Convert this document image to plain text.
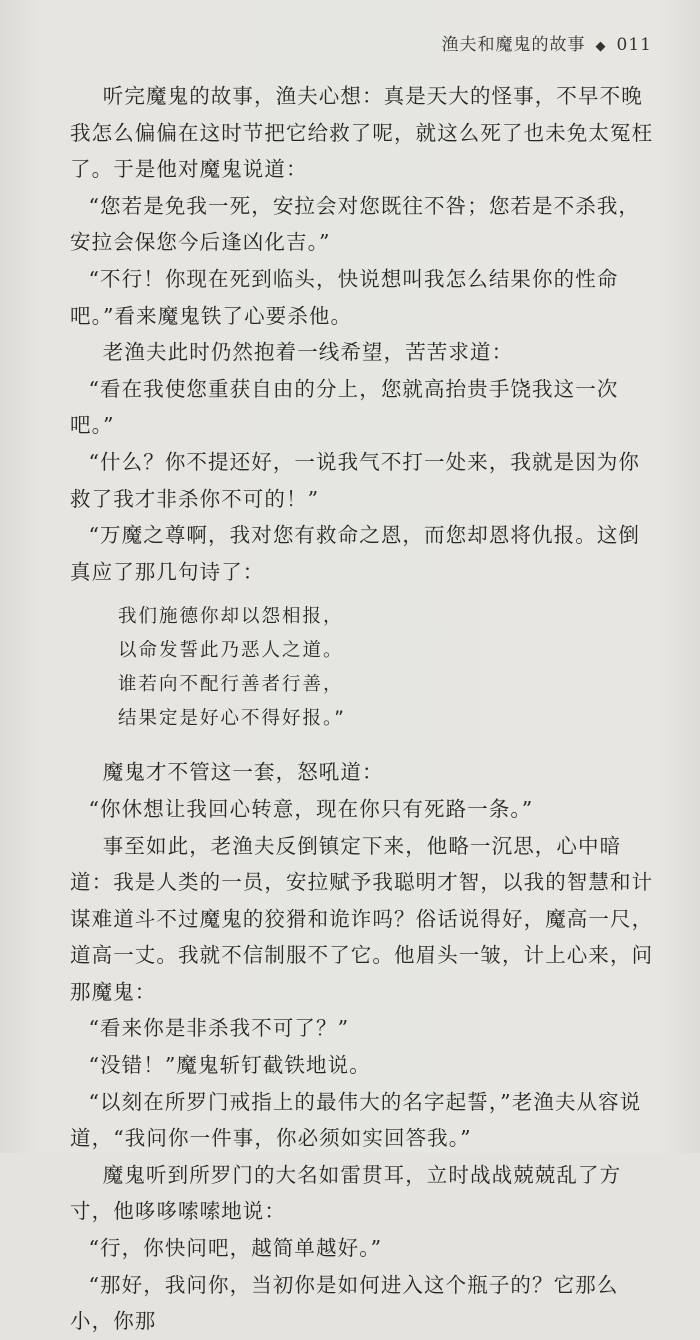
渔夫和魔鬼的故事 ◆ 011

听完魔鬼的故事，渔夫心想：真是天大的怪事，不早不晚我怎么偏偏在这时节把它给救了呢，就这么死了也未免太冤枉了。于是他对魔鬼说道：

“您若是免我一死，安拉会对您既往不咎；您若是不杀我，安拉会保您今后逢凶化吉。”

“不行！你现在死到临头，快说想叫我怎么结果你的性命吧。”看来魔鬼铁了心要杀他。

老渔夫此时仍然抱着一线希望，苦苦求道：

“看在我使您重获自由的分上，您就高抬贵手饶我这一次吧。”

“什么？你不提还好，一说我气不打一处来，我就是因为你救了我才非杀你不可的！”

“万魔之尊啊，我对您有救命之恩，而您却恩将仇报。这倒真应了那几句诗了：

我们施德你却以怨相报，
以命发誓此乃恶人之道。
谁若向不配行善者行善，
结果定是好心不得好报。”

魔鬼才不管这一套，怒吼道：

“你休想让我回心转意，现在你只有死路一条。”

事至如此，老渔夫反倒镇定下来，他略一沉思，心中暗道：我是人类的一员，安拉赋予我聪明才智，以我的智慧和计谋难道斗不过魔鬼的狡猾和诡诈吗？俗话说得好，魔高一尺，道高一丈。我就不信制服不了它。他眉头一皱，计上心来，问那魔鬼：

“看来你是非杀我不可了？”

“没错！”魔鬼斩钉截铁地说。

“以刻在所罗门戒指上的最伟大的名字起誓，”老渔夫从容说道，“我问你一件事，你必须如实回答我。”

魔鬼听到所罗门的大名如雷贯耳，立时战战兢兢乱了方寸，他哆哆嗦嗦地说：

“行，你快问吧，越简单越好。”

“那好，我问你，当初你是如何进入这个瓶子的？它那么小，你那
